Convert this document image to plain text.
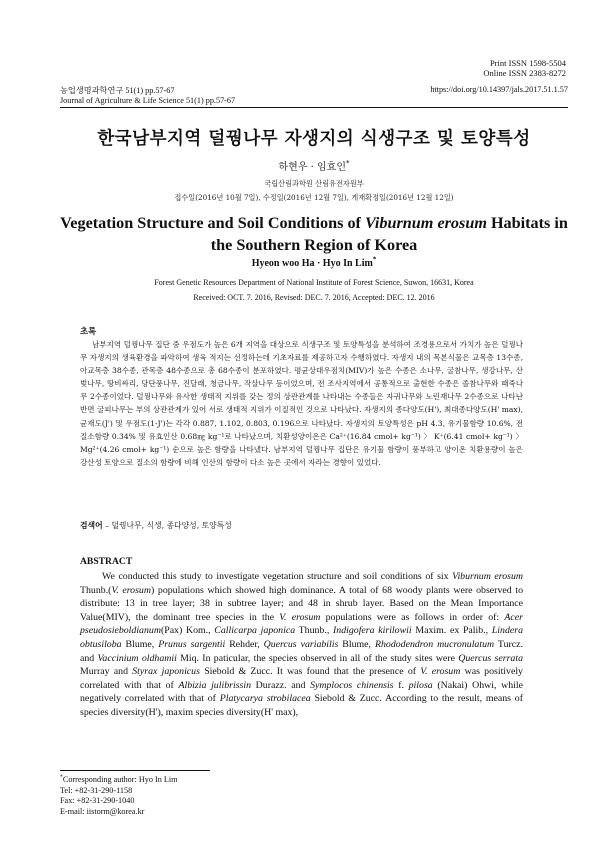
Print ISSN 1598-5504
Online ISSN 2383-8272
농업생명과학연구 51(1) pp.57-67	https://doi.org/10.14397/jals.2017.51.1.57
Journal of Agriculture & Life Science 51(1) pp.57-67
한국남부지역 덜꿩나무 자생지의 식생구조 및 토양특성
하현우 · 임효인*
국립산림과학원 산림유전자원부
접수일(2016년 10월 7일), 수정일(2016년 12월 7일), 게재확정일(2016년 12월 12일)
Vegetation Structure and Soil Conditions of Viburnum erosum Habitats in the Southern Region of Korea
Hyeon woo Ha · Hyo In Lim*
Forest Genetic Resources Department of National Institute of Forest Science, Suwon, 16631, Korea
Received: OCT. 7. 2016, Revised: DEC. 7. 2016, Accepted: DEC. 12. 2016
초록

남부지역 덜꿩나무 집단 중 우점도가 높은 6개 지역을 대상으로 식생구조 및 토양특성을 분석하여 조경용으로서 가치가 높은 덜꿩나무 자생지의 생육환경을 파악하여 생육 적지는 선정하는데 기초자료를 제공하고자 수행하였다. 자생지 내의 목본식물은 교목층 13수종, 아교목층 38수종, 관목층 48수종으로 총 68수종이 분포하였다. 평균상대우점치(MIV)가 높은 수종은 소나무, 굴참나무, 생강나무, 산벚나무, 땅비싸리, 당단풍나무, 진달래, 청금나무, 작살나무 등이었으며, 전 조사지역에서 공통적으로 출현한 수종은 졸참나무와 때죽나무 2수종이었다. 덜꿩나무와 유사한 생태적 지위를 갖는 정의 상관관계를 나타내는 수종들은 자귀나무와 노린재나무 2수종으로 나타난 반면 굴피나무는 부의 상관관계가 있어 서로 생태적 지위가 이질적인 것으로 나타났다. 자생지의 종다양도(H'), 최대종다양도(H' max), 균재도(J') 및 우점도(1-J')는 각각 0.887, 1.102, 0.803, 0.196으로 나타났다. 자생지의 토양특성은 pH 4.3, 유기물함량 10.6%, 전질소함량 0.34% 및 유효인산 0.68㎎ kg⁻¹로 나타났으며, 치환성양이온은 Ca²⁺(16.84 cmol+ kg⁻¹) 〉 K⁺(6.41 cmol+ kg⁻¹) 〉 Mg²⁺(4.26 cmol+ kg⁻¹) 순으로 높은 함량을 나타냈다. 남부지역 덜꿩나무 집단은 유기물 함량이 풍부하고 양이온 치환용량이 높은 강산성 토양으로 질소의 함량에 비해 인산의 함량이 다소 높은 곳에서 자라는 경향이 있었다.

검색어 – 덜꿩나무, 식생, 종다양성, 토양특성
ABSTRACT

We conducted this study to investigate vegetation structure and soil conditions of six Viburnum erosum Thunb.(V. erosum) populations which showed high dominance. A total of 68 woody plants were observed to distribute: 13 in tree layer; 38 in subtree layer; and 48 in shrub layer. Based on the Mean Importance Value(MIV), the dominant tree species in the V. erosum populations were as follows in order of: Acer pseudosieboldianum(Pax) Kom., Callicarpa japonica Thunb., Indigofera kirilowii Maxim. ex Palib., Lindera obtusiloba Blume, Prunus sargentii Rehder, Quercus variabilis Blume, Rhododendron mucronulatum Turcz. and Vaccinium oldhamii Miq. In paticular, the species observed in all of the study sites were Quercus serrata Murray and Styrax japonicus Siebold & Zucc. It was found that the presence of V. erosum was positively correlated with that of Albizia julibrissin Durazz. and Symplocos chinensis f. pilosa (Nakai) Ohwi, while negatively correlated with that of Platycarya strobilacea Siebold & Zucc. According to the result, means of species diversity(H'), maxim species diversity(H' max),

*Corresponding author: Hyo In Lim
Tel: +82-31-290-1158
Fax: +82-31-290-1040
E-mail: iistorm@korea.kr
